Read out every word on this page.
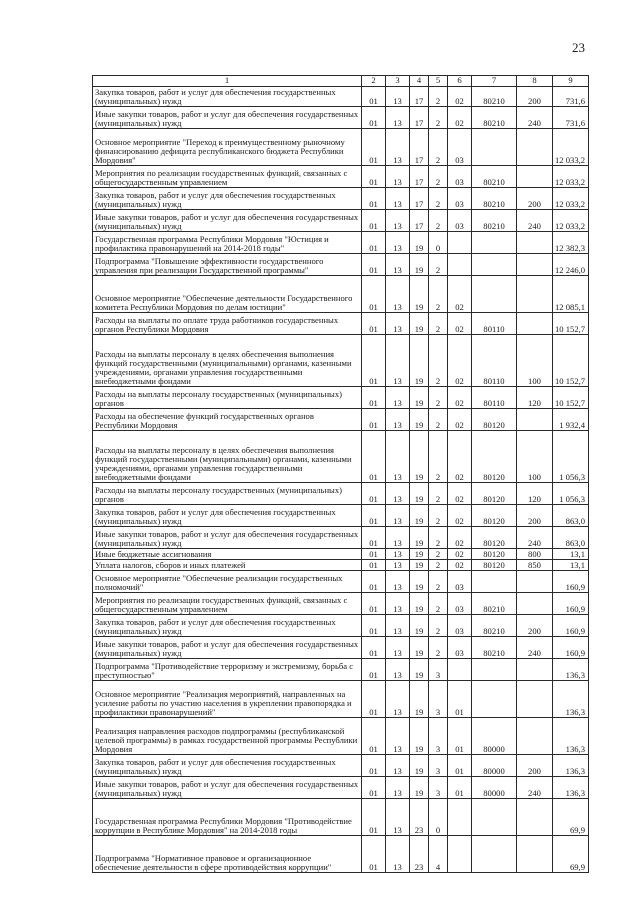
23
1	2	3	4	5	6	7	8	9
Закупка товаров, работ и услуг для обеспечения государственных (муниципальных) нужд	01	13	17	2	02	80210	200	731,6
Иные закупки товаров, работ и услуг для обеспечения государственных (муниципальных) нужд	01	13	17	2	02	80210	240	731,6
Основное мероприятие "Переход к преимущественному рыночному финансированию дефицита республиканского бюджета Республики Мордовия"	01	13	17	2	03			12 033,2
Мероприятия по реализации государственных функций, связанных с общегосударственным управлением	01	13	17	2	03	80210		12 033,2
Закупка товаров, работ и услуг для обеспечения государственных (муниципальных) нужд	01	13	17	2	03	80210	200	12 033,2
Иные закупки товаров, работ и услуг для обеспечения государственных (муниципальных) нужд	01	13	17	2	03	80210	240	12 033,2
Государственная программа Республики Мордовия "Юстиция и профилактика правонарушений на 2014-2018 годы"	01	13	19	0				12 382,3
Подпрограмма "Повышение эффективности государственного управления при реализации Государственной программы"	01	13	19	2				12 246,0
Основное мероприятие "Обеспечение деятельности Государственного комитета Республики Мордовия по делам юстиции"	01	13	19	2	02			12 085,1
Расходы на выплаты по оплате труда работников государственных органов Республики Мордовия	01	13	19	2	02	80110		10 152,7
Расходы на выплаты персоналу в целях обеспечения выполнения функций государственными (муниципальными) органами, казенными учреждениями, органами управления государственными внебюджетными фондами	01	13	19	2	02	80110	100	10 152,7
Расходы на выплаты персоналу государственных (муниципальных) органов	01	13	19	2	02	80110	120	10 152,7
Расходы на обеспечение функций государственных органов Республики Мордовия	01	13	19	2	02	80120		1 932,4
Расходы на выплаты персоналу в целях обеспечения выполнения функций государственными (муниципальными) органами, казенными учреждениями, органами управления государственными внебюджетными фондами	01	13	19	2	02	80120	100	1 056,3
Расходы на выплаты персоналу государственных (муниципальных) органов	01	13	19	2	02	80120	120	1 056,3
Закупка товаров, работ и услуг для обеспечения государственных (муниципальных) нужд	01	13	19	2	02	80120	200	863,0
Иные закупки товаров, работ и услуг для обеспечения государственных (муниципальных) нужд	01	13	19	2	02	80120	240	863,0
Иные бюджетные ассигнования	01	13	19	2	02	80120	800	13,1
Уплата налогов, сборов и иных платежей	01	13	19	2	02	80120	850	13,1
Основное мероприятие "Обеспечение реализации государственных полномочий"	01	13	19	2	03			160,9
Мероприятия по реализации государственных функций, связанных с общегосударственным управлением	01	13	19	2	03	80210		160,9
Закупка товаров, работ и услуг для обеспечения государственных (муниципальных) нужд	01	13	19	2	03	80210	200	160,9
Иные закупки товаров, работ и услуг для обеспечения государственных (муниципальных) нужд	01	13	19	2	03	80210	240	160,9
Подпрограмма "Противодействие терроризму и экстремизму, борьба с преступностью"	01	13	19	3				136,3
Основное мероприятие "Реализация мероприятий, направленных на усиление работы по участию населения в укреплении правопорядка и профилактики правонарушений"	01	13	19	3	01			136,3
Реализация направления расходов подпрограммы (республиканской целевой программы) в рамках государственной программы Республики Мордовия	01	13	19	3	01	80000		136,3
Закупка товаров, работ и услуг для обеспечения государственных (муниципальных) нужд	01	13	19	3	01	80000	200	136,3
Иные закупки товаров, работ и услуг для обеспечения государственных (муниципальных) нужд	01	13	19	3	01	80000	240	136,3
Государственная программа Республики Мордовия "Противодействие коррупции в Республике Мордовия" на 2014-2018 годы	01	13	23	0				69,9
Подпрограмма "Нормативное правовое и организационное обеспечение деятельности в сфере противодействия коррупции"	01	13	23	4				69,9
